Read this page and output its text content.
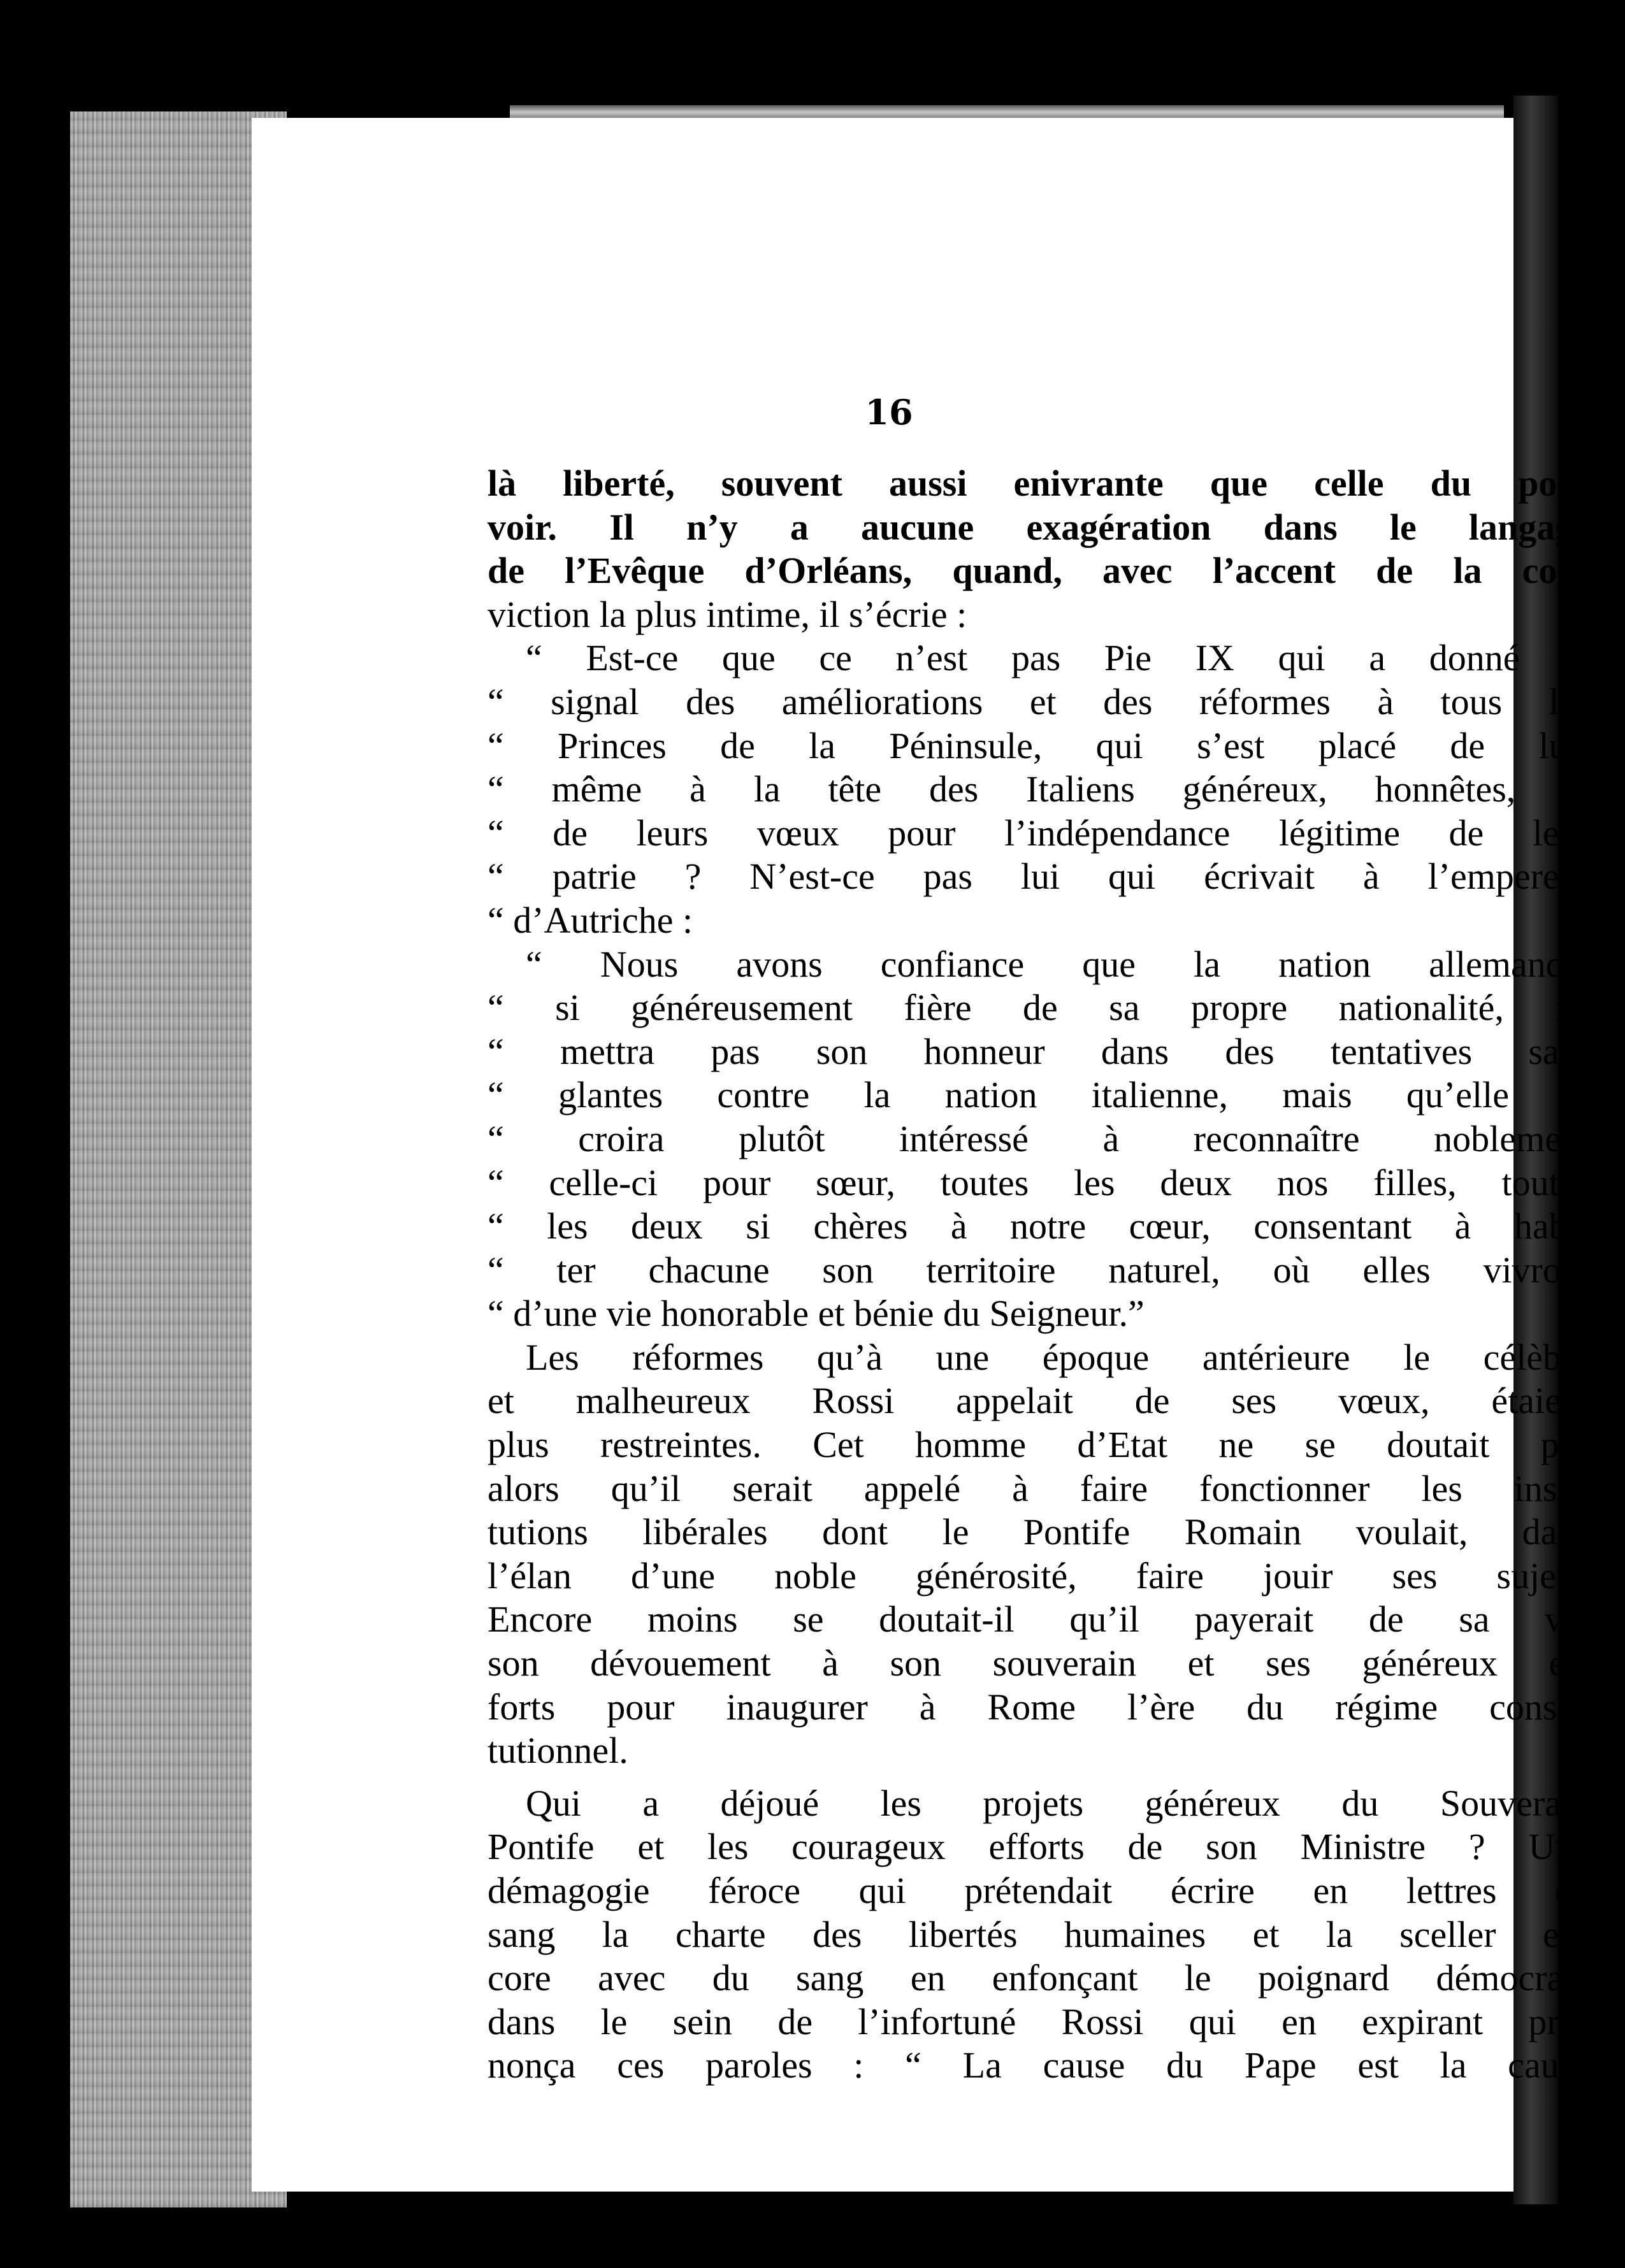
16
là liberté, souvent aussi enivrante que celle du pou-
voir. Il n’y a aucune exagération dans le langage
de l’Evêque d’Orléans, quand, avec l’accent de la con-
viction la plus intime, il s’écrie :
“ Est-ce que ce n’est pas Pie IX qui a donné le
“ signal des améliorations et des réformes à tous les
“ Princes de la Péninsule, qui s’est placé de lui-
“ même à la tête des Italiens généreux, honnêtes, et
“ de leurs vœux pour l’indépendance légitime de leur
“ patrie ? N’est-ce pas lui qui écrivait à l’empereur
“ d’Autriche :
“ Nous avons confiance que la nation allemande,
“ si généreusement fière de sa propre nationalité, ne
“ mettra pas son honneur dans des tentatives san-
“ glantes contre la nation italienne, mais qu’elle le
“ croira plutôt intéressé à reconnaître noblement
“ celle-ci pour sœur, toutes les deux nos filles, toutes
“ les deux si chères à notre cœur, consentant à habi-
“ ter chacune son territoire naturel, où elles vivront
“ d’une vie honorable et bénie du Seigneur.”
Les réformes qu’à une époque antérieure le célèbre
et malheureux Rossi appelait de ses vœux, étaient
plus restreintes. Cet homme d’Etat ne se doutait pas
alors qu’il serait appelé à faire fonctionner les insti-
tutions libérales dont le Pontife Romain voulait, dans
l’élan d’une noble générosité, faire jouir ses sujets.
Encore moins se doutait-il qu’il payerait de sa vie
son dévouement à son souverain et ses généreux ef-
forts pour inaugurer à Rome l’ère du régime consti-
tutionnel.
Qui a déjoué les projets généreux du Souverain
Pontife et les courageux efforts de son Ministre ? Une
démagogie féroce qui prétendait écrire en lettres de
sang la charte des libertés humaines et la sceller en-
core avec du sang en enfonçant le poignard démocrate
dans le sein de l’infortuné Rossi qui en expirant pro-
nonça ces paroles : “ La cause du Pape est la cause
